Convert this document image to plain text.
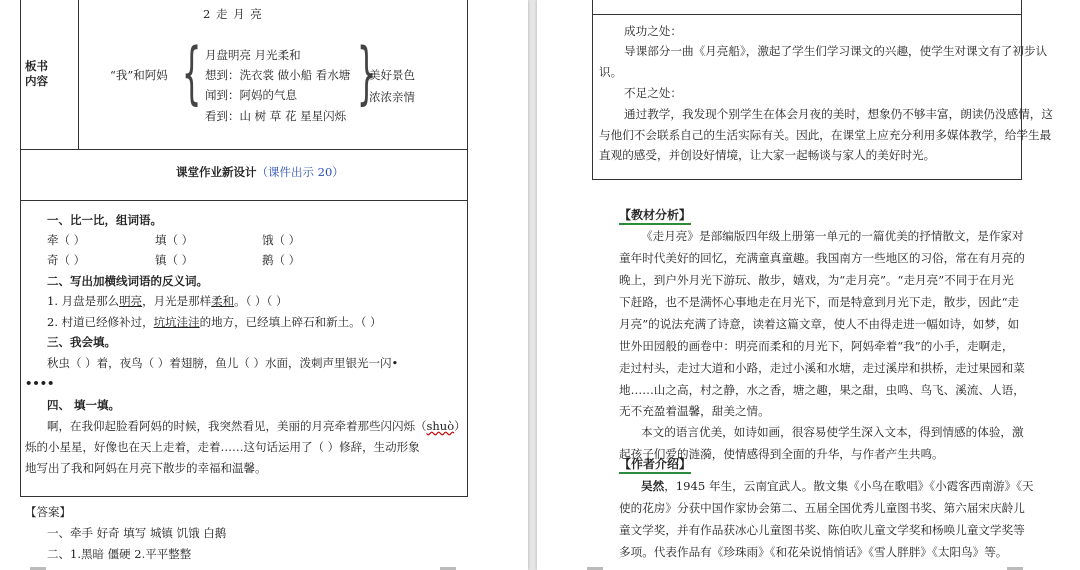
2 走 月 亮
板书
内容	“我”和阿妈 { 月盘明亮 月光柔和
想到：洗衣裳 做小船 看水塘
闻到：阿妈的气息
看到：山 树 草 花 星星闪烁
}
美好景色
浓浓亲情
课堂作业新设计（课件出示 20）
一、比一比，组词语。
牵（ ）	填（ ）	饿（ ）
奇（ ）	镇（ ）	鹅（ ）
二、写出加横线词语的反义词。
1. 月盘是那么明亮，月光是那样柔和。（ ）（ ）
2. 村道已经修补过，坑坑洼洼的地方，已经填上碎石和新土。（ ）
三、我会填。
秋虫（ ）着，夜鸟（ ）着翅膀，鱼儿（ ）水面，泼刺声里银光一闪•
••••
四、 填一填。
啊，在我仰起脸看阿妈的时候，我突然看见，美丽的月亮牵着那些闪闪烁（shuò）
烁的小星星，好像也在天上走着，走着……这句话运用了（ ）修辞，生动形象
地写出了我和阿妈在月亮下散步的幸福和温馨。
【答案】
一、牵手 好奇 填写 城镇 饥饿 白鹅
二、1.黑暗 僵硬 2.平平整整
成功之处：
导课部分一曲《月亮船》，激起了学生们学习课文的兴趣，使学生对课文有了初步认
识。
不足之处：
通过教学，我发现个别学生在体会月夜的美时，想象仍不够丰富，朗读仍没感情，这
与他们不会联系自己的生活实际有关。因此，在课堂上应充分利用多媒体教学，给学生最
直观的感受，并创设好情境，让大家一起畅谈与家人的美好时光。
【教材分析】
《走月亮》是部编版四年级上册第一单元的一篇优美的抒情散文，是作家对
童年时代美好的回忆，充满童真童趣。我国南方一些地区的习俗，常在有月亮的
晚上，到户外月光下游玩、散步，嬉戏，为“走月亮”。“走月亮”不同于在月光
下赶路，也不是满怀心事地走在月光下，而是特意到月光下走，散步，因此“走
月亮”的说法充满了诗意，读着这篇文章，使人不由得走进一幅如诗，如梦，如
世外田园般的画卷中：明亮而柔和的月光下，阿妈牵着“我”的小手，走啊走，
走过村头，走过大道和小路，走过小溪和水塘，走过溪岸和拱桥，走过果园和菜
地……山之高，村之静，水之香，塘之趣，果之甜，虫鸣、鸟飞、溪流、人语，
无不充盈着温馨，甜美之情。
本文的语言优美，如诗如画，很容易使学生深入文本，得到情感的体验，激
起孩子们爱的涟漪，使情感得到全面的升华，与作者产生共鸣。
【作者介绍】
吴然，1945 年生，云南宜武人。散文集《小鸟在歌唱》《小霞客西南游》《天
使的花房》分获中国作家协会第二、五届全国优秀儿童图书奖、第六届宋庆龄儿
童文学奖，并有作品获冰心儿童图书奖、陈伯吹儿童文学奖和杨唤儿童文学奖等
多项。代表作品有《珍珠雨》《和花朵说悄悄话》《雪人胖胖》《太阳鸟》等。
